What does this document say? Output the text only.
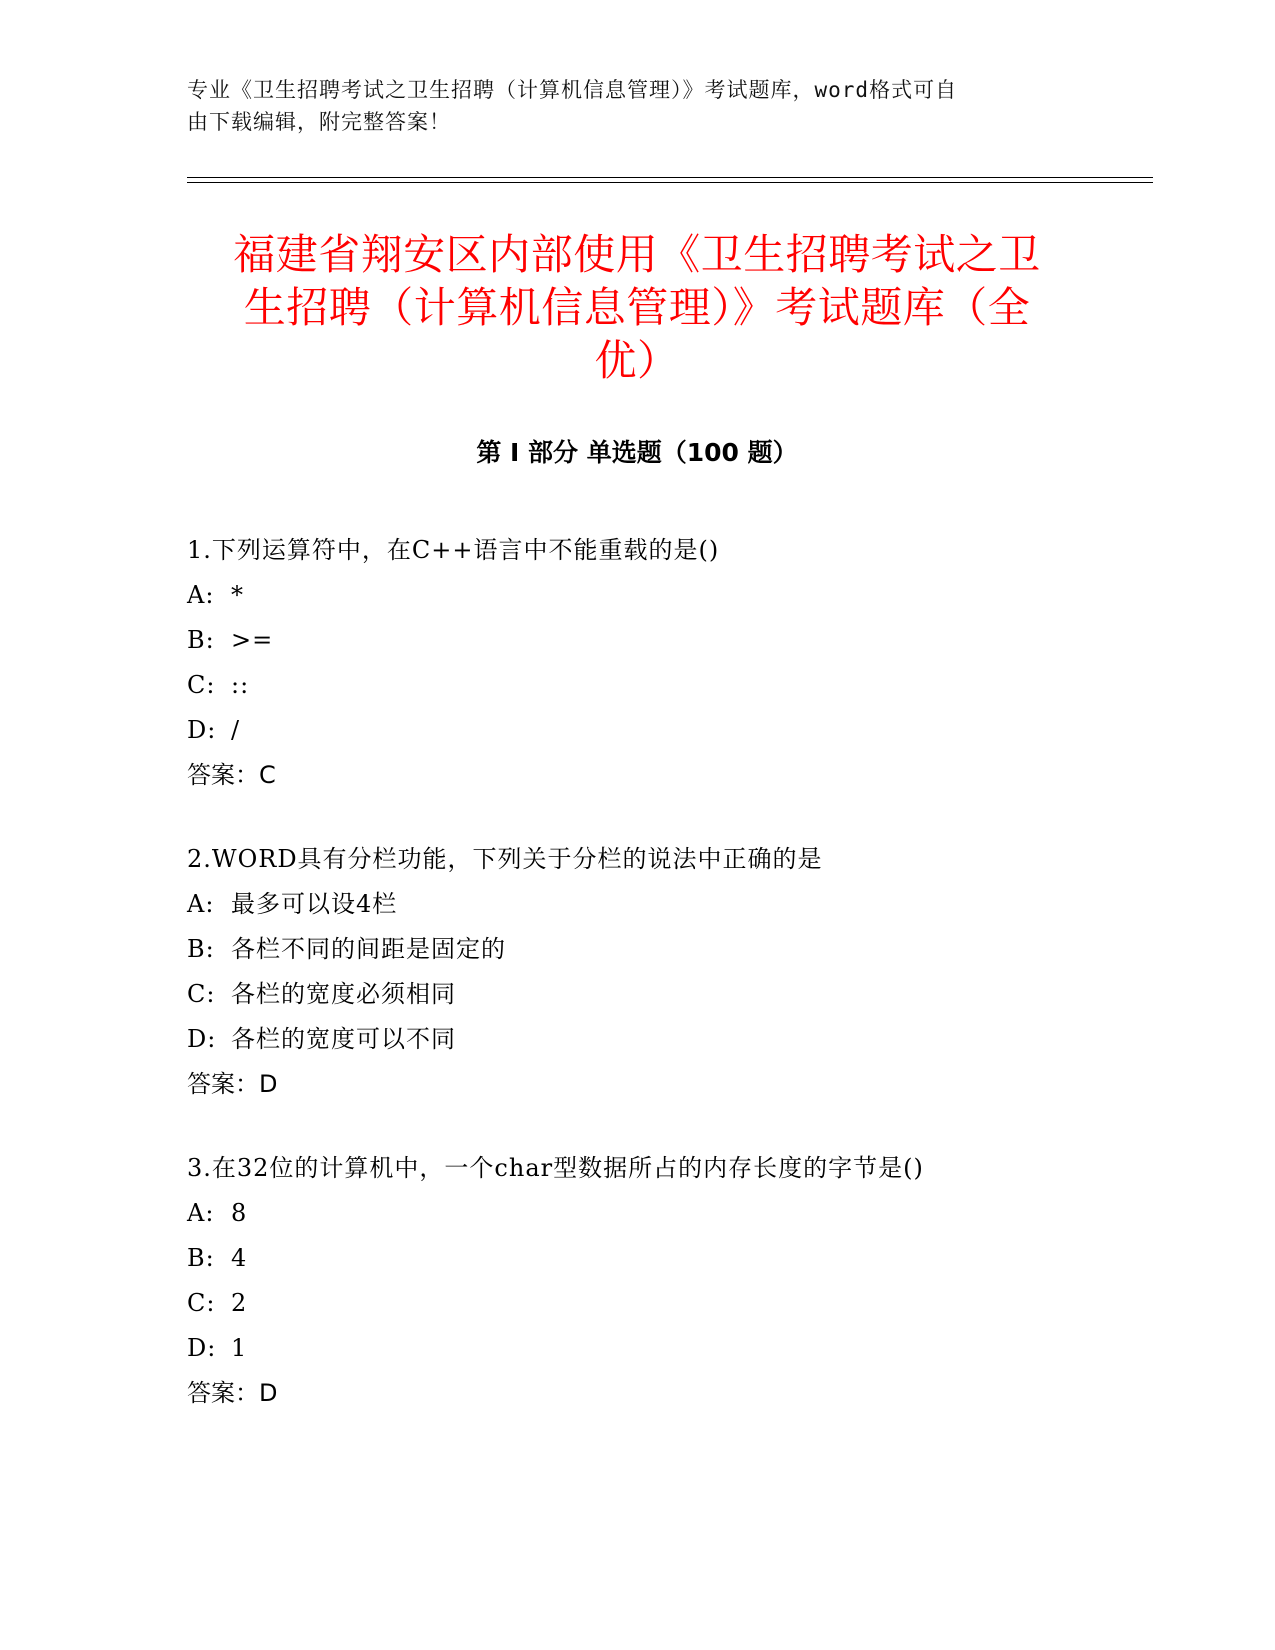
专业《卫生招聘考试之卫生招聘（计算机信息管理）》考试题库，word格式可自
由下载编辑，附完整答案！
福建省翔安区内部使用《卫生招聘考试之卫
生招聘（计算机信息管理）》考试题库（全
优）
第 I 部分 单选题（100 题）
1.下列运算符中，在C++语言中不能重载的是()
A: *
B: >=
C: ::
D: /
答案：C
2.WORD具有分栏功能，下列关于分栏的说法中正确的是
A: 最多可以设4栏
B: 各栏不同的间距是固定的
C: 各栏的宽度必须相同
D: 各栏的宽度可以不同
答案：D
3.在32位的计算机中，一个char型数据所占的内存长度的字节是()
A: 8
B: 4
C: 2
D: 1
答案：D
